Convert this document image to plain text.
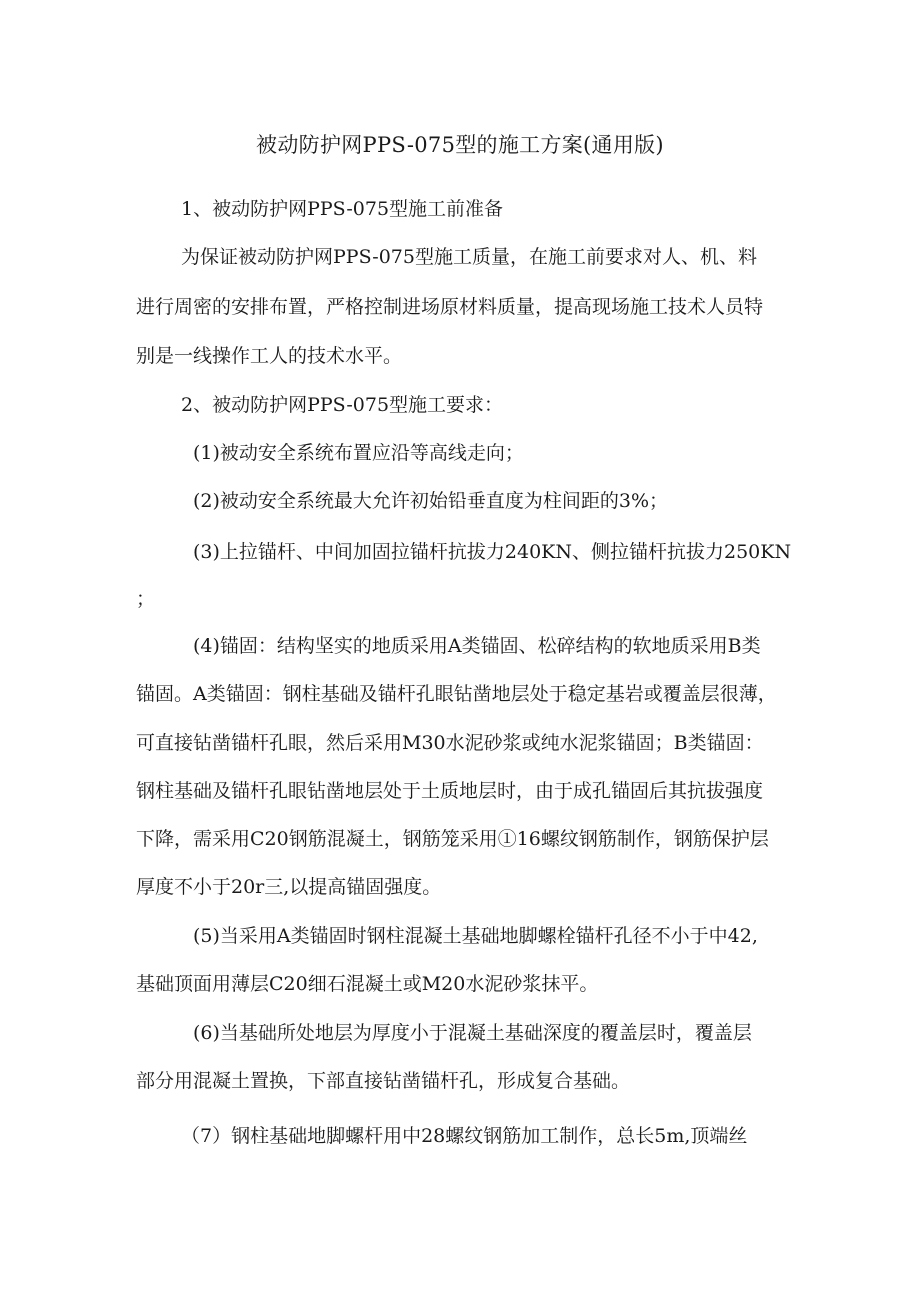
被动防护网PPS-075型的施工方案(通用版)
1、被动防护网PPS-075型施工前准备
为保证被动防护网PPS-075型施工质量，在施工前要求对人、机、料
进行周密的安排布置，严格控制进场原材料质量，提高现场施工技术人员特
别是一线操作工人的技术水平。
2、被动防护网PPS-075型施工要求：
(1)被动安全系统布置应沿等高线走向；
(2)被动安全系统最大允许初始铅垂直度为柱间距的3%；
(3)上拉锚杆、中间加固拉锚杆抗拔力240KN、侧拉锚杆抗拔力250KN
；
(4)锚固：结构坚实的地质采用A类锚固、松碎结构的软地质采用B类
锚固。A类锚固：钢柱基础及锚杆孔眼钻凿地层处于稳定基岩或覆盖层很薄，
可直接钻凿锚杆孔眼，然后采用M30水泥砂浆或纯水泥浆锚固；B类锚固：
钢柱基础及锚杆孔眼钻凿地层处于土质地层时，由于成孔锚固后其抗拔强度
下降，需采用C20钢筋混凝土，钢筋笼采用①16螺纹钢筋制作，钢筋保护层
厚度不小于20r三,以提高锚固强度。
(5)当采用A类锚固时钢柱混凝土基础地脚螺栓锚杆孔径不小于中42,
基础顶面用薄层C20细石混凝土或M20水泥砂浆抹平。
(6)当基础所处地层为厚度小于混凝土基础深度的覆盖层时，覆盖层
部分用混凝土置换，下部直接钻凿锚杆孔，形成复合基础。
（7）钢柱基础地脚螺杆用中28螺纹钢筋加工制作，总长5m,顶端丝
